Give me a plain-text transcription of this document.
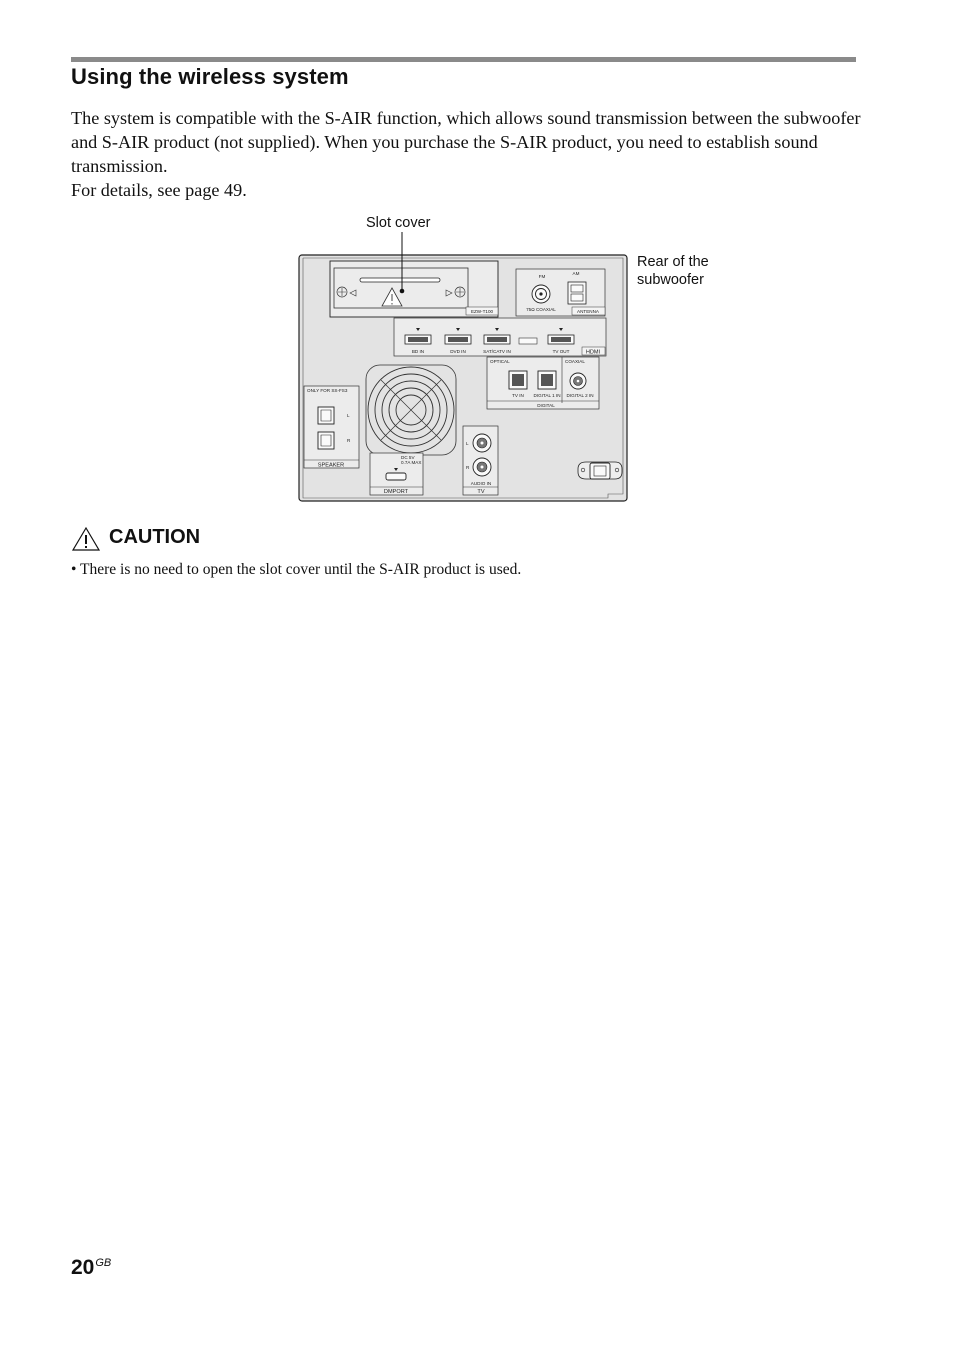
Using the wireless system

The system is compatible with the S-AIR function, which allows sound transmission between the subwoofer and S-AIR product (not supplied). When you purchase the S-AIR product, you need to establish sound transmission.

For details, see page 49.

EZW-T100
FM
AM
75Ω COAXIAL	ANTENNA
BD IN	DVD IN	SAT/CATV IN	TV OUT	HDMI
OPTICAL	COAXIAL
TV IN DIGITAL 1 IN DIGITAL 2 IN
DIGITAL
ONLY FOR SS-FS3
L
R
SPEAKER
DC 5V
0.7A MAX
DMPORT
L
R
AUDIO IN
TV
Slot cover
Rear of the
subwoofer
CAUTION

• There is no need to open the slot cover until the S-AIR product is used.

$20^{GB}$
